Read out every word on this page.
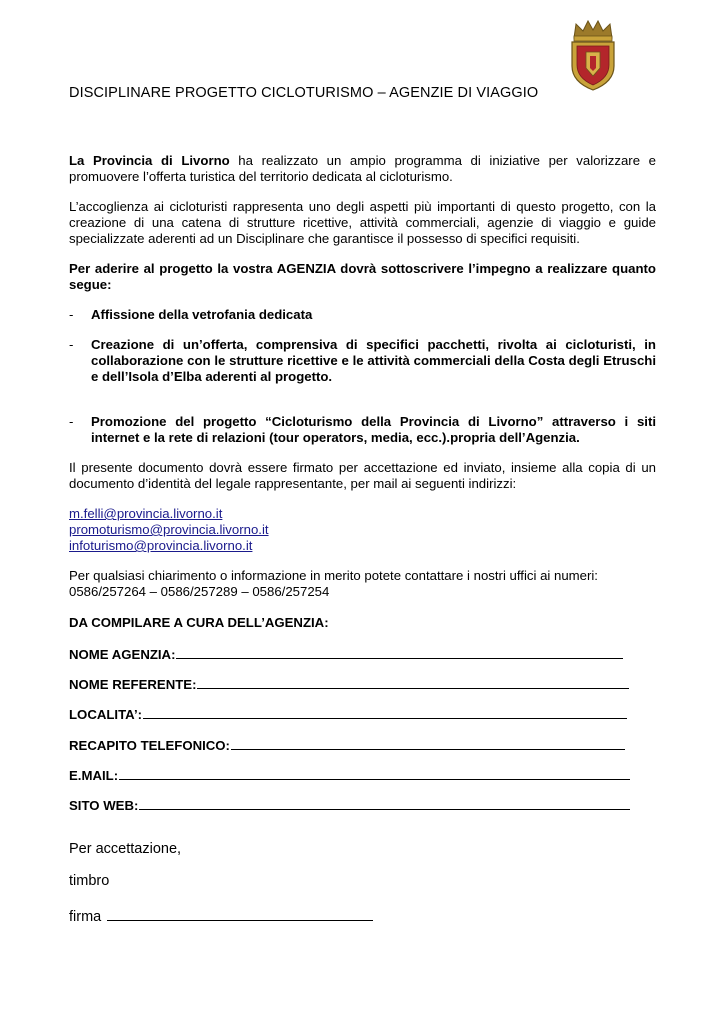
DISCIPLINARE PROGETTO CICLOTURISMO – AGENZIE DI VIAGGIO
La Provincia di Livorno ha realizzato un ampio programma di iniziative per valorizzare e promuovere l’offerta turistica del territorio dedicata al cicloturismo.
L’accoglienza ai cicloturisti rappresenta uno degli aspetti più importanti di questo progetto, con la creazione di una catena di strutture ricettive, attività commerciali, agenzie di viaggio e guide specializzate aderenti ad un Disciplinare che garantisce il possesso di specifici requisiti.
Per aderire al progetto la vostra AGENZIA dovrà sottoscrivere l’impegno a realizzare quanto segue:
- Affissione della vetrofania dedicata
- Creazione di un’offerta, comprensiva di specifici pacchetti, rivolta ai cicloturisti, in collaborazione con le strutture ricettive e le attività commerciali della Costa degli Etruschi e dell’Isola d’Elba aderenti al progetto.
- Promozione del progetto “Cicloturismo della Provincia di Livorno” attraverso i siti internet e la rete di relazioni (tour operators, media, ecc.).propria dell’Agenzia.
Il presente documento dovrà essere firmato per accettazione ed inviato, insieme alla copia di un documento d’identità del legale rappresentante, per mail ai seguenti indirizzi:
m.felli@provincia.livorno.it
promoturismo@provincia.livorno.it
infoturismo@provincia.livorno.it
Per qualsiasi chiarimento o informazione in merito potete contattare i nostri uffici ai numeri:
0586/257264 – 0586/257289 – 0586/257254
DA COMPILARE A CURA DELL’AGENZIA:
NOME AGENZIA:
NOME REFERENTE:
LOCALITA’:
RECAPITO TELEFONICO:
E.MAIL:
SITO WEB:
Per accettazione,
timbro
firma
